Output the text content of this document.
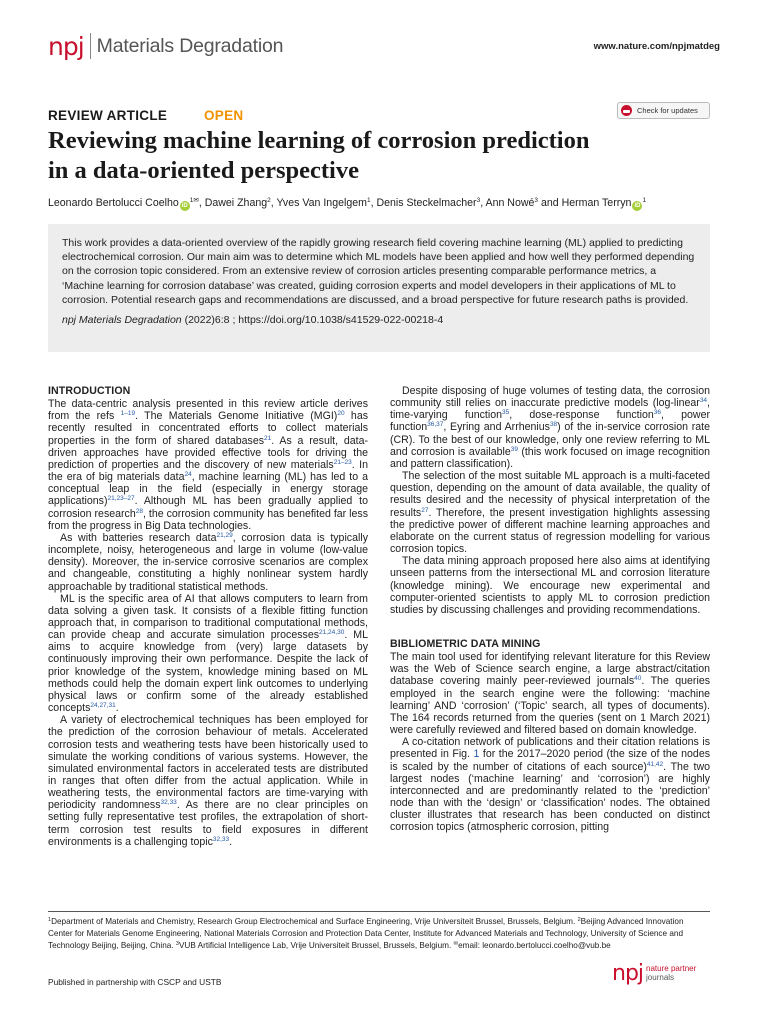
npj Materials Degradation	www.nature.com/npjmatdeg
REVIEW ARTICLE	OPEN	Check for updates
Reviewing machine learning of corrosion prediction
in a data-oriented perspective
Leonardo Bertolucci Coelho $iD^{1✉}$, Dawei Zhang$^2$, Yves Van Ingelgem$^1$, Denis Steckelmacher$^3$, Ann Nowé$^3$ and Herman Terryn $iD^1$

This work provides a data-oriented overview of the rapidly growing research field covering machine learning (ML) applied to predicting electrochemical corrosion. Our main aim was to determine which ML models have been applied and how well they performed depending on the corrosion topic considered. From an extensive review of corrosion articles presenting comparable performance metrics, a ‘Machine learning for corrosion database’ was created, guiding corrosion experts and model developers in their applications of ML to corrosion. Potential research gaps and recommendations are discussed, and a broad perspective for future research paths is provided.

npj Materials Degradation (2022)6:8 ; https://doi.org/10.1038/s41529-022-00218-4

INTRODUCTION

The data-centric analysis presented in this review article derives from the refs $^{1-19}$. The Materials Genome Initiative (MGI)$^{20}$ has recently resulted in concentrated efforts to collect materials properties in the form of shared databases$^{21}$. As a result, data-driven approaches have provided effective tools for driving the prediction of properties and the discovery of new materials$^{21-23}$. In the era of big materials data$^{24}$, machine learning (ML) has led to a conceptual leap in the field (especially in energy storage applications)$^{21,23-27}$. Although ML has been gradually applied to corrosion research$^{28}$, the corrosion community has benefited far less from the progress in Big Data technologies.

As with batteries research data$^{21,29}$, corrosion data is typically incomplete, noisy, heterogeneous and large in volume (low-value density). Moreover, the in-service corrosive scenarios are complex and changeable, constituting a highly nonlinear system hardly approachable by traditional statistical methods.

ML is the specific area of AI that allows computers to learn from data solving a given task. It consists of a flexible fitting function approach that, in comparison to traditional computational methods, can provide cheap and accurate simulation processes$^{21,24,30}$. ML aims to acquire knowledge from (very) large datasets by continuously improving their own performance. Despite the lack of prior knowledge of the system, knowledge mining based on ML methods could help the domain expert link outcomes to underlying physical laws or confirm some of the already established concepts$^{24,27,31}$.

A variety of electrochemical techniques has been employed for the prediction of the corrosion behaviour of metals. Accelerated corrosion tests and weathering tests have been historically used to simulate the working conditions of various systems. However, the simulated environmental factors in accelerated tests are distributed in ranges that often differ from the actual application. While in weathering tests, the environmental factors are time-varying with periodicity randomness$^{32,33}$. As there are no clear principles on setting fully representative test profiles, the extrapolation of short-term corrosion test results to field exposures in different environments is a challenging topic$^{32,33}$.

Despite disposing of huge volumes of testing data, the corrosion community still relies on inaccurate predictive models (log-linear$^{34}$, time-varying function$^{35}$, dose-response function$^{36}$, power function$^{36,37}$, Eyring and Arrhenius$^{38}$) of the in-service corrosion rate (CR). To the best of our knowledge, only one review referring to ML and corrosion is available$^{39}$ (this work focused on image recognition and pattern classification).

The selection of the most suitable ML approach is a multi-faceted question, depending on the amount of data available, the quality of results desired and the necessity of physical interpretation of the results$^{27}$. Therefore, the present investigation highlights assessing the predictive power of different machine learning approaches and elaborate on the current status of regression modelling for various corrosion topics.

The data mining approach proposed here also aims at identifying unseen patterns from the intersectional ML and corrosion literature (knowledge mining). We encourage new experimental and computer-oriented scientists to apply ML to corrosion prediction studies by discussing challenges and providing recommendations.

BIBLIOMETRIC DATA MINING

The main tool used for identifying relevant literature for this Review was the Web of Science search engine, a large abstract/citation database covering mainly peer-reviewed journals$^{40}$. The queries employed in the search engine were the following: ‘machine learning’ AND ‘corrosion’ (‘Topic’ search, all types of documents). The 164 records returned from the queries (sent on 1 March 2021) were carefully reviewed and filtered based on domain knowledge.

A co-citation network of publications and their citation relations is presented in Fig. 1 for the 2017–2020 period (the size of the nodes is scaled by the number of citations of each source)$^{41,42}$. The two largest nodes (‘machine learning’ and ‘corrosion’) are highly interconnected and are predominantly related to the ‘prediction’ node than with the ‘design’ or ‘classification’ nodes. The obtained cluster illustrates that research has been conducted on distinct corrosion topics (atmospheric corrosion, pitting

$^1$Department of Materials and Chemistry, Research Group Electrochemical and Surface Engineering, Vrije Universiteit Brussel, Brussels, Belgium. $^2$Beijing Advanced Innovation Center for Materials Genome Engineering, National Materials Corrosion and Protection Data Center, Institute for Advanced Materials and Technology, University of Science and Technology Beijing, Beijing, China. $^3$VUB Artificial Intelligence Lab, Vrije Universiteit Brussel, Brussels, Belgium. ✉email: leonardo.bertolucci.coelho@vub.be
Published in partnership with CSCP and USTB	npj nature partner
journals
